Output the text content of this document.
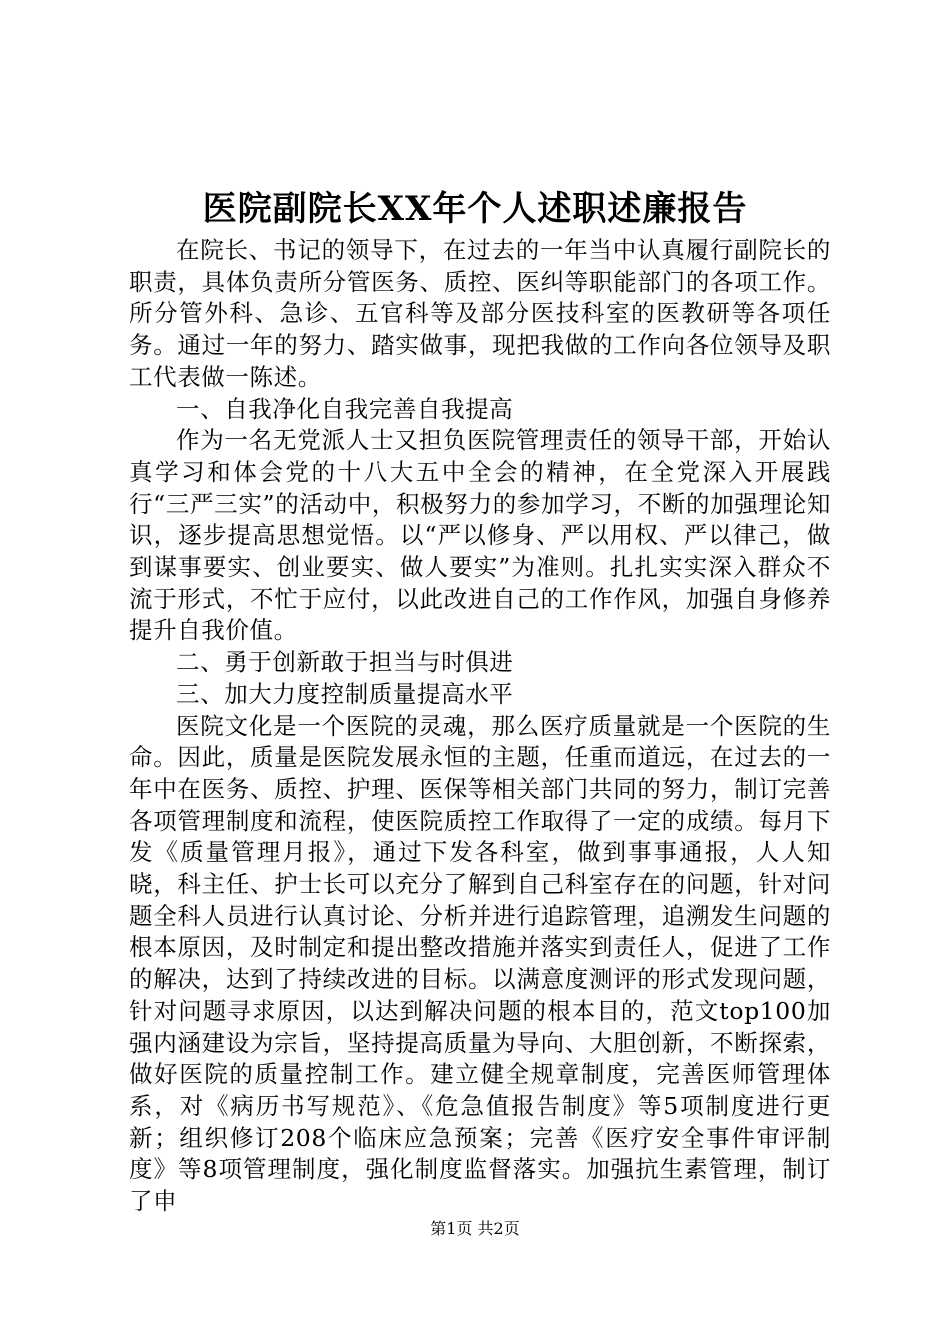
医院副院长XX年个人述职述廉报告

在院长、书记的领导下，在过去的一年当中认真履行副院长的职责，具体负责所分管医务、质控、医纠等职能部门的各项工作。所分管外科、急诊、五官科等及部分医技科室的医教研等各项任务。通过一年的努力、踏实做事，现把我做的工作向各位领导及职工代表做一陈述。

一、自我净化自我完善自我提高

作为一名无党派人士又担负医院管理责任的领导干部，开始认真学习和体会党的十八大五中全会的精神，在全党深入开展践行“三严三实”的活动中，积极努力的参加学习，不断的加强理论知识，逐步提高思想觉悟。以“严以修身、严以用权、严以律己，做到谋事要实、创业要实、做人要实”为准则。扎扎实实深入群众不流于形式，不忙于应付，以此改进自己的工作作风，加强自身修养提升自我价值。

二、勇于创新敢于担当与时俱进

三、加大力度控制质量提高水平

医院文化是一个医院的灵魂，那么医疗质量就是一个医院的生命。因此，质量是医院发展永恒的主题，任重而道远，在过去的一年中在医务、质控、护理、医保等相关部门共同的努力，制订完善各项管理制度和流程，使医院质控工作取得了一定的成绩。每月下发《质量管理月报》，通过下发各科室，做到事事通报，人人知晓，科主任、护士长可以充分了解到自己科室存在的问题，针对问题全科人员进行认真讨论、分析并进行追踪管理，追溯发生问题的根本原因，及时制定和提出整改措施并落实到责任人，促进了工作的解决，达到了持续改进的目标。以满意度测评的形式发现问题，针对问题寻求原因，以达到解决问题的根本目的，范文top100加强内涵建设为宗旨，坚持提高质量为导向、大胆创新，不断探索，做好医院的质量控制工作。建立健全规章制度，完善医师管理体系，对《病历书写规范》、《危急值报告制度》等5项制度进行更新；组织修订208个临床应急预案；完善《医疗安全事件审评制度》等8项管理制度，强化制度监督落实。加强抗生素管理，制订了申

第1页 共2页
